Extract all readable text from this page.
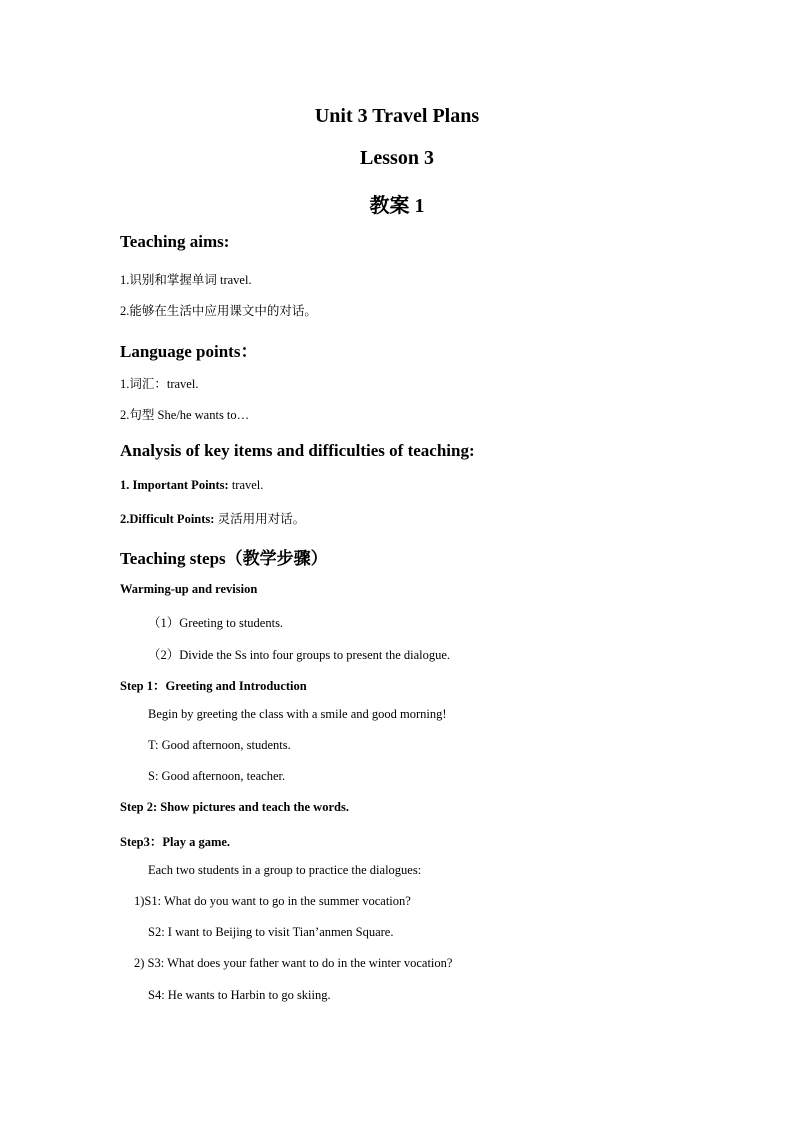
Unit 3 Travel Plans
Lesson 3
教案 1
Teaching aims:
1.识别和掌握单词 travel.
2.能够在生活中应用课文中的对话。
Language points：
1.词汇：travel.
2.句型 She/he wants to…
Analysis of key items and difficulties of teaching:
1. Important Points: travel.
2.Difficult Points: 灵活用用对话。
Teaching steps（教学步骤）
Warming-up and revision
（1）Greeting to students.
（2）Divide the Ss into four groups to present the dialogue.
Step 1：Greeting and Introduction
Begin by greeting the class with a smile and good morning!
T: Good afternoon, students.
S: Good afternoon, teacher.
Step 2: Show pictures and teach the words.
Step3：Play a game.
Each two students in a group to practice the dialogues:
1)S1: What do you want to go in the summer vocation?
S2: I want to Beijing to visit Tian’anmen Square.
2) S3: What does your father want to do in the winter vocation?
S4: He wants to Harbin to go skiing.
